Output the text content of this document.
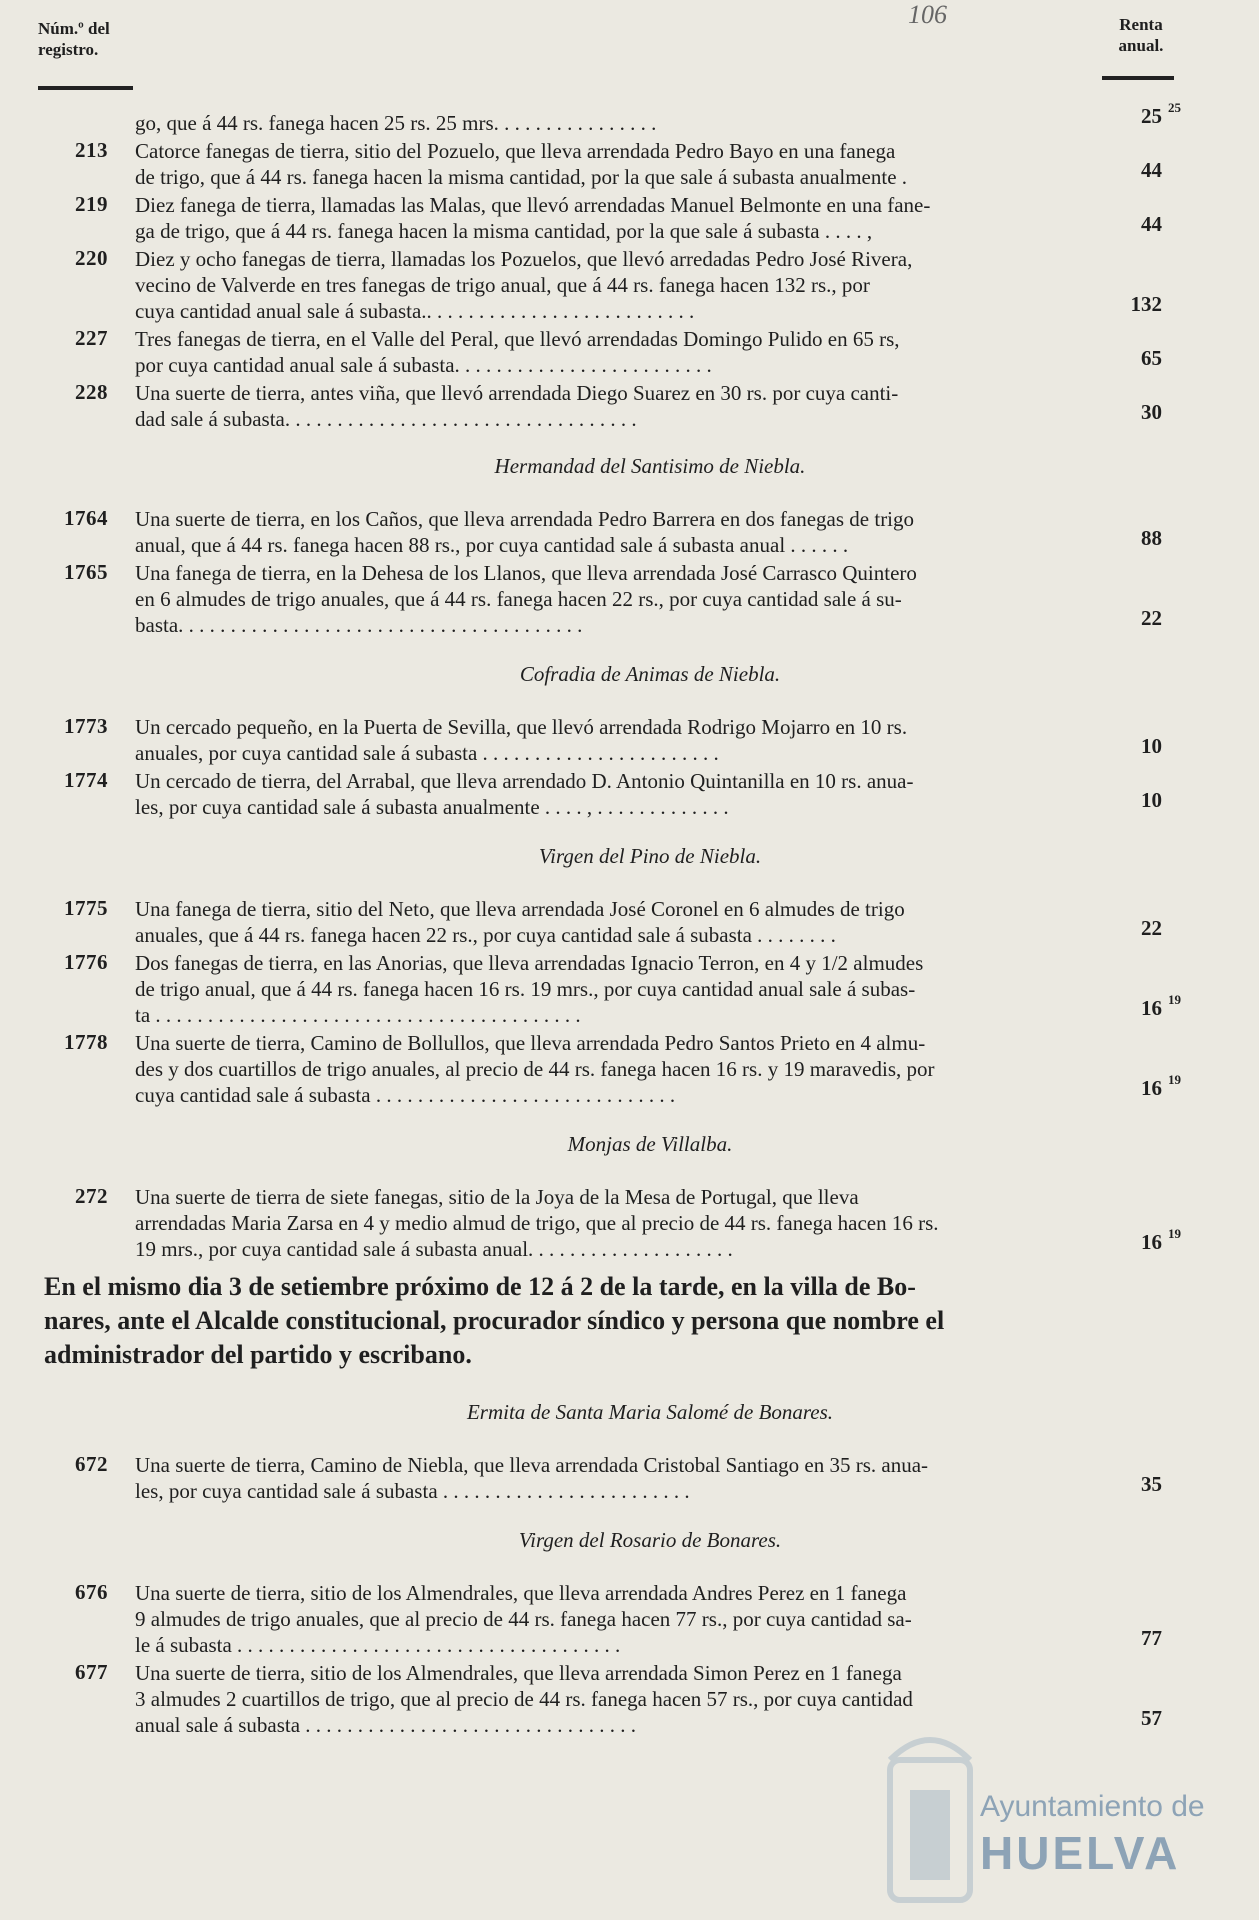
Núm.º del
registro.
106	Renta
anual.
go, que á 44 rs. fanega hacen 25 rs. 25 mrs. . . . . . . . . . . . . . . .	25 25
213 Catorce fanegas de tierra, sitio del Pozuelo, que lleva arrendada Pedro Bayo en una fanega
de trigo, que á 44 rs. fanega hacen la misma cantidad, por la que sale á subasta anualmente .	44
219 Diez fanega de tierra, llamadas las Malas, que llevó arrendadas Manuel Belmonte en una fane-
ga de trigo, que á 44 rs. fanega hacen la misma cantidad, por la que sale á subasta . . . . ,	44
220 Diez y ocho fanegas de tierra, llamadas los Pozuelos, que llevó arredadas Pedro José Rivera,
vecino de Valverde en tres fanegas de trigo anual, que á 44 rs. fanega hacen 132 rs., por
cuya cantidad anual sale á subasta.. . . . . . . . . . . . . . . . . . . . . . . . . .	132
227 Tres fanegas de tierra, en el Valle del Peral, que llevó arrendadas Domingo Pulido en 65 rs,
por cuya cantidad anual sale á subasta. . . . . . . . . . . . . . . . . . . . . . . . .	65
228 Una suerte de tierra, antes viña, que llevó arrendada Diego Suarez en 30 rs. por cuya canti-
dad sale á subasta. . . . . . . . . . . . . . . . . . . . . . . . . . . . . . . . . .	30
Hermandad del Santisimo de Niebla.
1764 Una suerte de tierra, en los Caños, que lleva arrendada Pedro Barrera en dos fanegas de trigo
anual, que á 44 rs. fanega hacen 88 rs., por cuya cantidad sale á subasta anual . . . . . .	88
1765 Una fanega de tierra, en la Dehesa de los Llanos, que lleva arrendada José Carrasco Quintero
en 6 almudes de trigo anuales, que á 44 rs. fanega hacen 22 rs., por cuya cantidad sale á su-
basta. . . . . . . . . . . . . . . . . . . . . . . . . . . . . . . . . . . . . . .	22
Cofradia de Animas de Niebla.
1773 Un cercado pequeño, en la Puerta de Sevilla, que llevó arrendada Rodrigo Mojarro en 10 rs.
anuales, por cuya cantidad sale á subasta . . . . . . . . . . . . . . . . . . . . . . .	10
1774 Un cercado de tierra, del Arrabal, que lleva arrendado D. Antonio Quintanilla en 10 rs. anua-
les, por cuya cantidad sale á subasta anualmente . . . . , . . . . . . . . . . . . .	10
Virgen del Pino de Niebla.
1775 Una fanega de tierra, sitio del Neto, que lleva arrendada José Coronel en 6 almudes de trigo
anuales, que á 44 rs. fanega hacen 22 rs., por cuya cantidad sale á subasta . . . . . . . .	22
1776 Dos fanegas de tierra, en las Anorias, que lleva arrendadas Ignacio Terron, en 4 y 1/2 almudes
de trigo anual, que á 44 rs. fanega hacen 16 rs. 19 mrs., por cuya cantidad anual sale á subas-
ta . . . . . . . . . . . . . . . . . . . . . . . . . . . . . . . . . . . . . . . . .	16 19
1778 Una suerte de tierra, Camino de Bollullos, que lleva arrendada Pedro Santos Prieto en 4 almu-
des y dos cuartillos de trigo anuales, al precio de 44 rs. fanega hacen 16 rs. y 19 maravedis, por
cuya cantidad sale á subasta . . . . . . . . . . . . . . . . . . . . . . . . . . . . .	16 19
Monjas de Villalba.
272 Una suerte de tierra de siete fanegas, sitio de la Joya de la Mesa de Portugal, que lleva
arrendadas Maria Zarsa en 4 y medio almud de trigo, que al precio de 44 rs. fanega hacen 16 rs.
19 mrs., por cuya cantidad sale á subasta anual. . . . . . . . . . . . . . . . . . . .	16 19
Ermita de Santa Maria Salomé de Bonares.
672 Una suerte de tierra, Camino de Niebla, que lleva arrendada Cristobal Santiago en 35 rs. anua-
les, por cuya cantidad sale á subasta . . . . . . . . . . . . . . . . . . . . . . . .	35
Virgen del Rosario de Bonares.
676 Una suerte de tierra, sitio de los Almendrales, que lleva arrendada Andres Perez en 1 fanega
9 almudes de trigo anuales, que al precio de 44 rs. fanega hacen 77 rs., por cuya cantidad sa-
le á subasta . . . . . . . . . . . . . . . . . . . . . . . . . . . . . . . . . . . . .	77
677 Una suerte de tierra, sitio de los Almendrales, que lleva arrendada Simon Perez en 1 fanega
3 almudes 2 cuartillos de trigo, que al precio de 44 rs. fanega hacen 57 rs., por cuya cantidad
anual sale á subasta . . . . . . . . . . . . . . . . . . . . . . . . . . . . . . . .	57
En el mismo dia 3 de setiembre próximo de 12 á 2 de la tarde, en la villa de Bo-
nares, ante el Alcalde constitucional, procurador síndico y persona que nombre el
administrador del partido y escribano.
Ayuntamiento de
HUELVA
